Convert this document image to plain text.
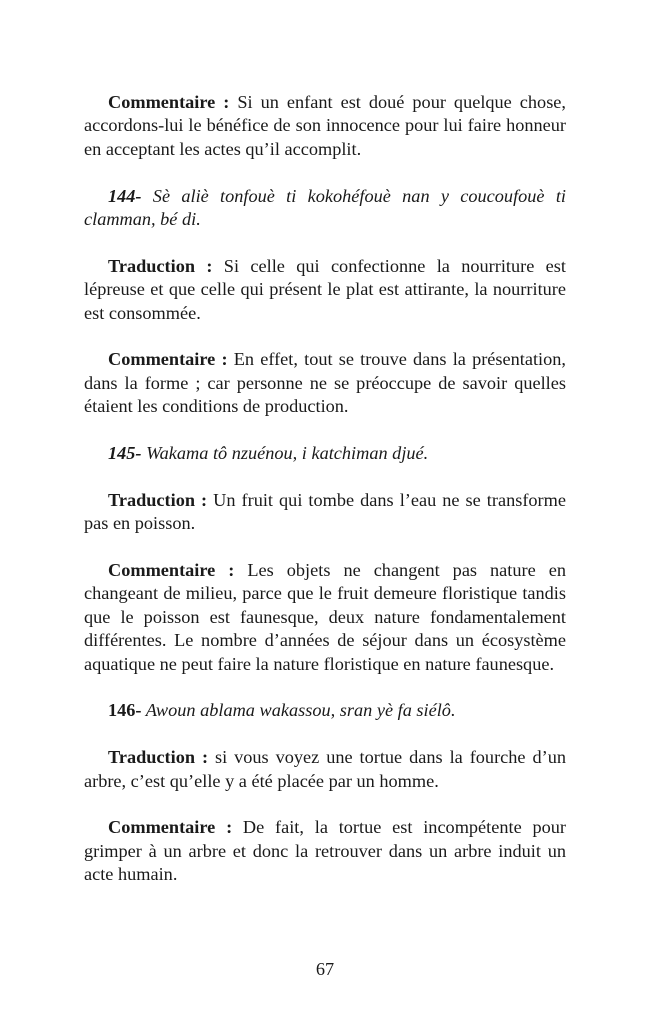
Commentaire : Si un enfant est doué pour quelque chose, accordons-lui le bénéfice de son innocence pour lui faire honneur en acceptant les actes qu’il accomplit.

144- Sè aliè tonfouè ti kokohéfouè nan y coucoufouè ti clamman, bé di.

Traduction : Si celle qui confectionne la nourriture est lépreuse et que celle qui présent le plat est attirante, la nourriture est consommée.

Commentaire : En effet, tout se trouve dans la présentation, dans la forme ; car personne ne se préoccupe de savoir quelles étaient les conditions de production.

145- Wakama tô nzuénou, i katchiman djué.

Traduction : Un fruit qui tombe dans l’eau ne se transforme pas en poisson.

Commentaire : Les objets ne changent pas nature en changeant de milieu, parce que le fruit demeure floristique tandis que le poisson est faunesque, deux nature fondamentalement différentes. Le nombre d’années de séjour dans un écosystème aquatique ne peut faire la nature floristique en nature faunesque.

146- Awoun ablama wakassou, sran yè fa siélô.

Traduction : si vous voyez une tortue dans la fourche d’un arbre, c’est qu’elle y a été placée par un homme.

Commentaire : De fait, la tortue est incompétente pour grimper à un arbre et donc la retrouver dans un arbre induit un acte humain.

67
